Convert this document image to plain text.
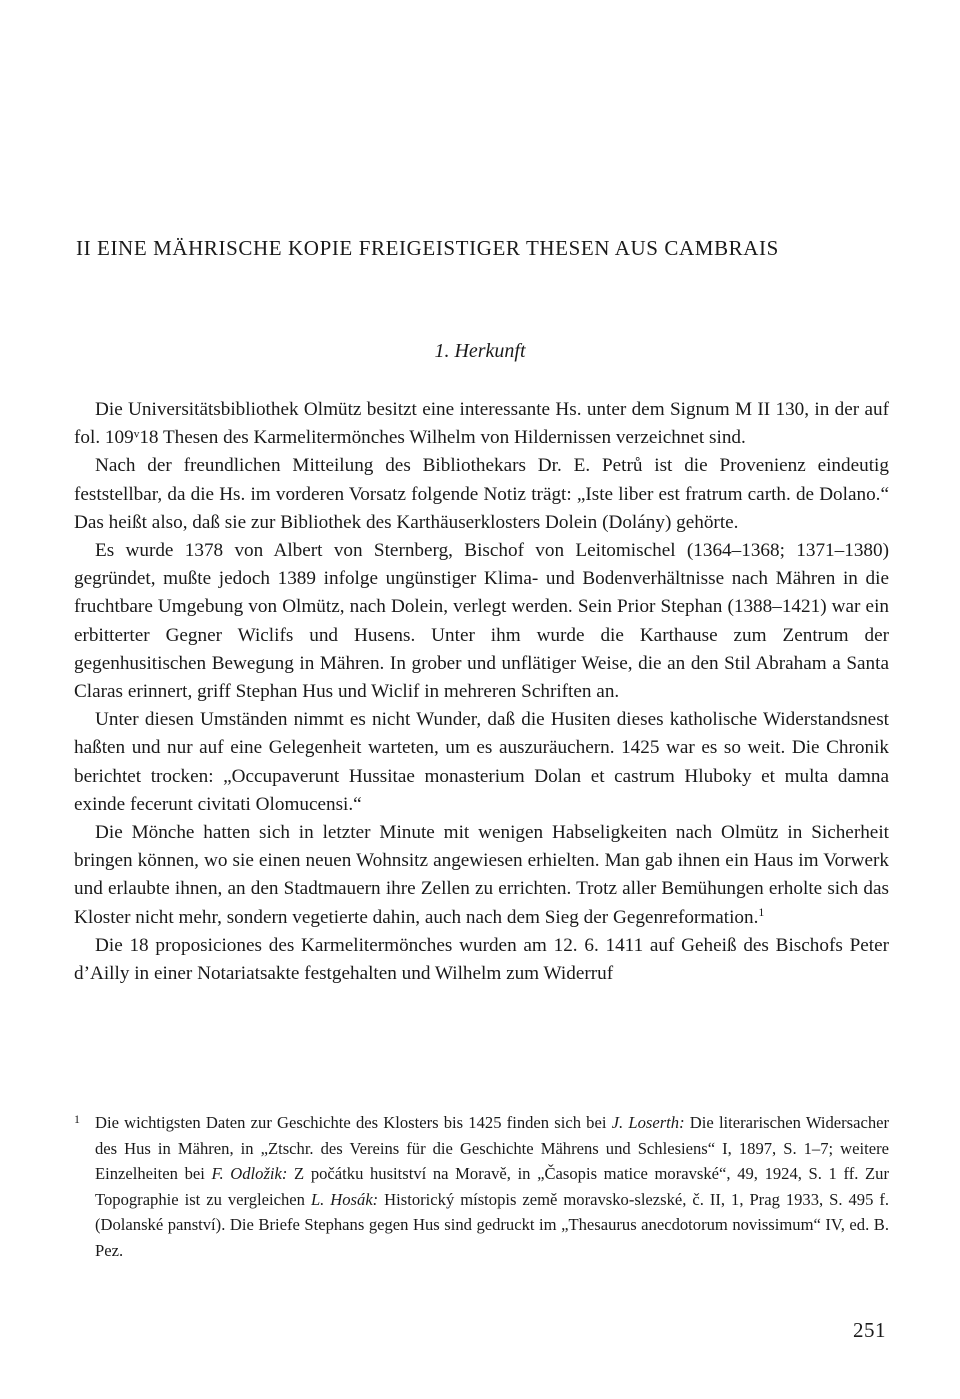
II EINE MÄHRISCHE KOPIE FREIGEISTIGER THESEN AUS CAMBRAIS
1. Herkunft

Die Universitätsbibliothek Olmütz besitzt eine interessante Hs. unter dem Signum M II 130, in der auf fol. 109ᵛ18 Thesen des Karmelitermönches Wilhelm von Hildernissen verzeichnet sind.

Nach der freundlichen Mitteilung des Bibliothekars Dr. E. Petrů ist die Provenienz eindeutig feststellbar, da die Hs. im vorderen Vorsatz folgende Notiz trägt: „Iste liber est fratrum carth. de Dolano.“ Das heißt also, daß sie zur Bibliothek des Karthäuserklosters Dolein (Dolány) gehörte.

Es wurde 1378 von Albert von Sternberg, Bischof von Leitomischel (1364–1368; 1371–1380) gegründet, mußte jedoch 1389 infolge ungünstiger Klima- und Bodenverhältnisse nach Mähren in die fruchtbare Umgebung von Olmütz, nach Dolein, verlegt werden. Sein Prior Stephan (1388–1421) war ein erbitterter Gegner Wiclifs und Husens. Unter ihm wurde die Karthause zum Zentrum der gegenhusitischen Bewegung in Mähren. In grober und unflätiger Weise, die an den Stil Abraham a Santa Claras erinnert, griff Stephan Hus und Wiclif in mehreren Schriften an.

Unter diesen Umständen nimmt es nicht Wunder, daß die Husiten dieses katholische Widerstandsnest haßten und nur auf eine Gelegenheit warteten, um es auszuräuchern. 1425 war es so weit. Die Chronik berichtet trocken: „Occupaverunt Hussitae monasterium Dolan et castrum Hluboky et multa damna exinde fecerunt civitati Olomucensi.“

Die Mönche hatten sich in letzter Minute mit wenigen Habseligkeiten nach Olmütz in Sicherheit bringen können, wo sie einen neuen Wohnsitz angewiesen erhielten. Man gab ihnen ein Haus im Vorwerk und erlaubte ihnen, an den Stadtmauern ihre Zellen zu errichten. Trotz aller Bemühungen erholte sich das Kloster nicht mehr, sondern vegetierte dahin, auch nach dem Sieg der Gegenreformation.$^1$

Die 18 proposiciones des Karmelitermönches wurden am 12. 6. 1411 auf Geheiß des Bischofs Peter d’Ailly in einer Notariatsakte festgehalten und Wilhelm zum Widerruf

1 Die wichtigsten Daten zur Geschichte des Klosters bis 1425 finden sich bei J. Loserth: Die literarischen Widersacher des Hus in Mähren, in „Ztschr. des Vereins für die Geschichte Mährens und Schlesiens“ I, 1897, S. 1–7; weitere Einzelheiten bei F. Odložik: Z počátku husitství na Moravě, in „Časopis matice moravské“, 49, 1924, S. 1 ff. Zur Topographie ist zu vergleichen L. Hosák: Historický místopis země moravsko-slezské, č. II, 1, Prag 1933, S. 495 f. (Dolanské panství). Die Briefe Stephans gegen Hus sind gedruckt im „Thesaurus anecdotorum novissimum“ IV, ed. B. Pez.

251
